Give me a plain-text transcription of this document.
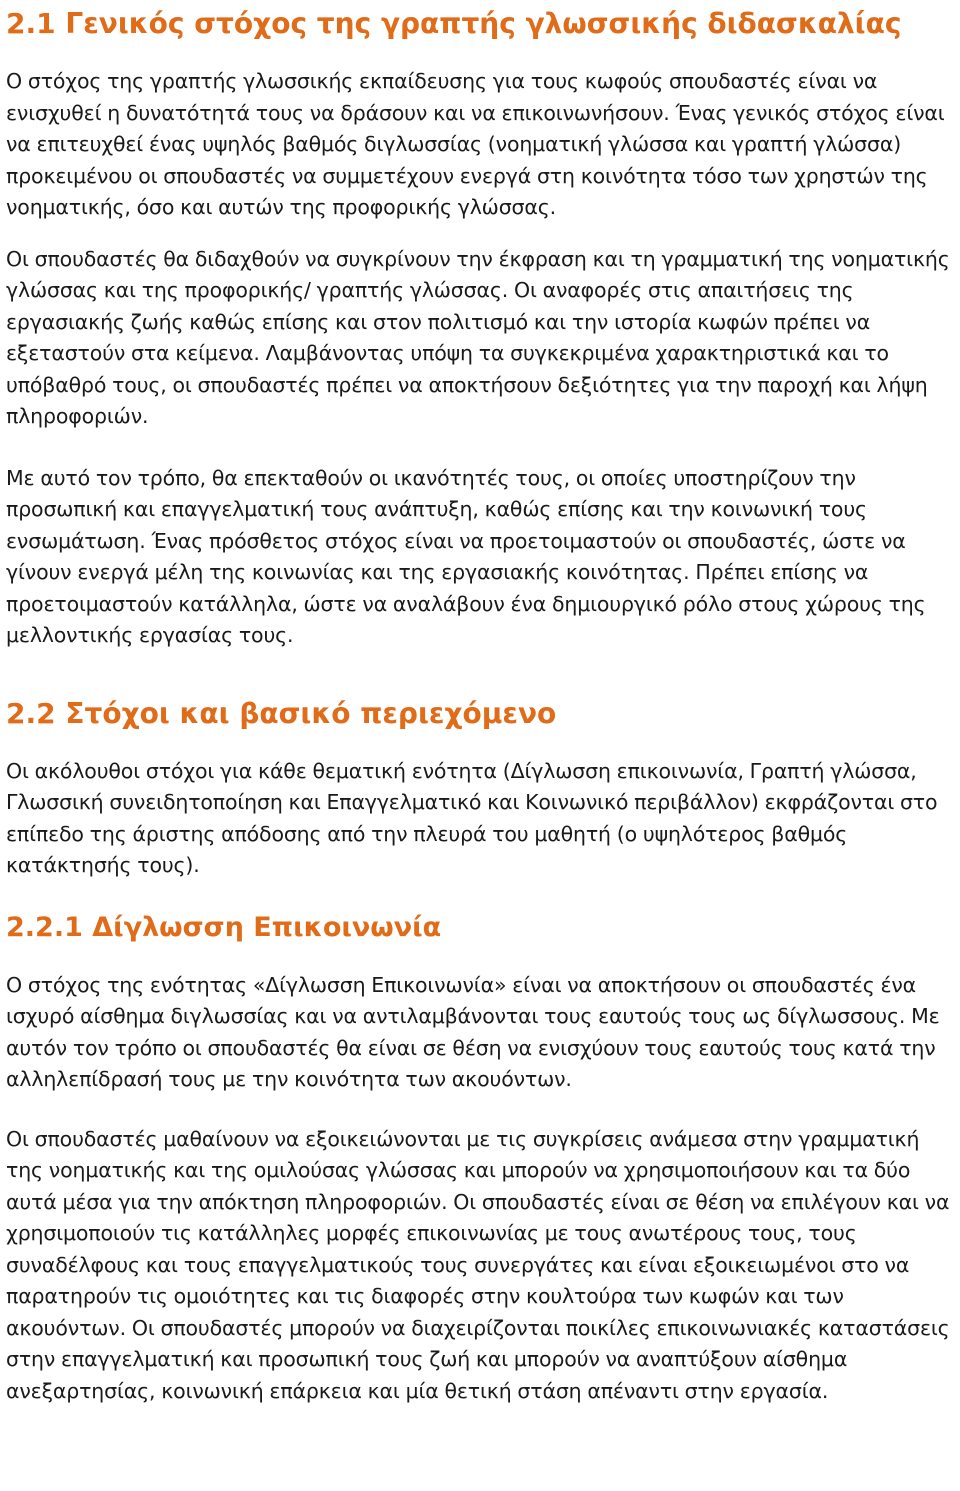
2.1 Γενικός στόχος της γραπτής γλωσσικής διδασκαλίας

Ο στόχος της γραπτής γλωσσικής εκπαίδευσης για τους κωφούς σπουδαστές είναι να ενισχυθεί η δυνατότητά τους να δράσουν και να επικοινωνήσουν. Ένας γενικός στόχος είναι να επιτευχθεί ένας υψηλός βαθμός διγλωσσίας (νοηματική γλώσσα και γραπτή γλώσσα) προκειμένου οι σπουδαστές να συμμετέχουν ενεργά στη κοινότητα τόσο των χρηστών της νοηματικής, όσο και αυτών της προφορικής γλώσσας.

Οι σπουδαστές θα διδαχθούν να συγκρίνουν την έκφραση και τη γραμματική της νοηματικής γλώσσας και της προφορικής/ γραπτής γλώσσας. Οι αναφορές στις απαιτήσεις της εργασιακής ζωής καθώς επίσης και στον πολιτισμό και την ιστορία κωφών πρέπει να εξεταστούν στα κείμενα. Λαμβάνοντας υπόψη τα συγκεκριμένα χαρακτηριστικά και το υπόβαθρό τους, οι σπουδαστές πρέπει να αποκτήσουν δεξιότητες για την παροχή και λήψη πληροφοριών.

Με αυτό τον τρόπο, θα επεκταθούν οι ικανότητές τους, οι οποίες υποστηρίζουν την προσωπική και επαγγελματική τους ανάπτυξη, καθώς επίσης και την κοινωνική τους ενσωμάτωση. Ένας πρόσθετος στόχος είναι να προετοιμαστούν οι σπουδαστές, ώστε να γίνουν ενεργά μέλη της κοινωνίας και της εργασιακής κοινότητας. Πρέπει επίσης να προετοιμαστούν κατάλληλα, ώστε να αναλάβουν ένα δημιουργικό ρόλο στους χώρους της μελλοντικής εργασίας τους.

2.2 Στόχοι και βασικό περιεχόμενο

Οι ακόλουθοι στόχοι για κάθε θεματική ενότητα (Δίγλωσση επικοινωνία, Γραπτή γλώσσα, Γλωσσική συνειδητοποίηση και Επαγγελματικό και Κοινωνικό περιβάλλον) εκφράζονται στο επίπεδο της άριστης απόδοσης από την πλευρά του μαθητή (ο υψηλότερος βαθμός κατάκτησής τους).

2.2.1 Δίγλωσση Επικοινωνία

Ο στόχος της ενότητας «Δίγλωσση Επικοινωνία» είναι να αποκτήσουν οι σπουδαστές ένα ισχυρό αίσθημα διγλωσσίας και να αντιλαμβάνονται τους εαυτούς τους ως δίγλωσσους. Με αυτόν τον τρόπο οι σπουδαστές θα είναι σε θέση να ενισχύουν τους εαυτούς τους κατά την αλληλεπίδρασή τους με την κοινότητα των ακουόντων.

Οι σπουδαστές μαθαίνουν να εξοικειώνονται με τις συγκρίσεις ανάμεσα στην γραμματική της νοηματικής και της ομιλούσας γλώσσας και μπορούν να χρησιμοποιήσουν και τα δύο αυτά μέσα για την απόκτηση πληροφοριών. Οι σπουδαστές είναι σε θέση να επιλέγουν και να χρησιμοποιούν τις κατάλληλες μορφές επικοινωνίας με τους ανωτέρους τους, τους συναδέλφους και τους επαγγελματικούς τους συνεργάτες και είναι εξοικειωμένοι στο να παρατηρούν τις ομοιότητες και τις διαφορές στην κουλτούρα των κωφών και των ακουόντων. Οι σπουδαστές μπορούν να διαχειρίζονται ποικίλες επικοινωνιακές καταστάσεις στην επαγγελματική και προσωπική τους ζωή και μπορούν να αναπτύξουν αίσθημα ανεξαρτησίας, κοινωνική επάρκεια και μία θετική στάση απέναντι στην εργασία.
